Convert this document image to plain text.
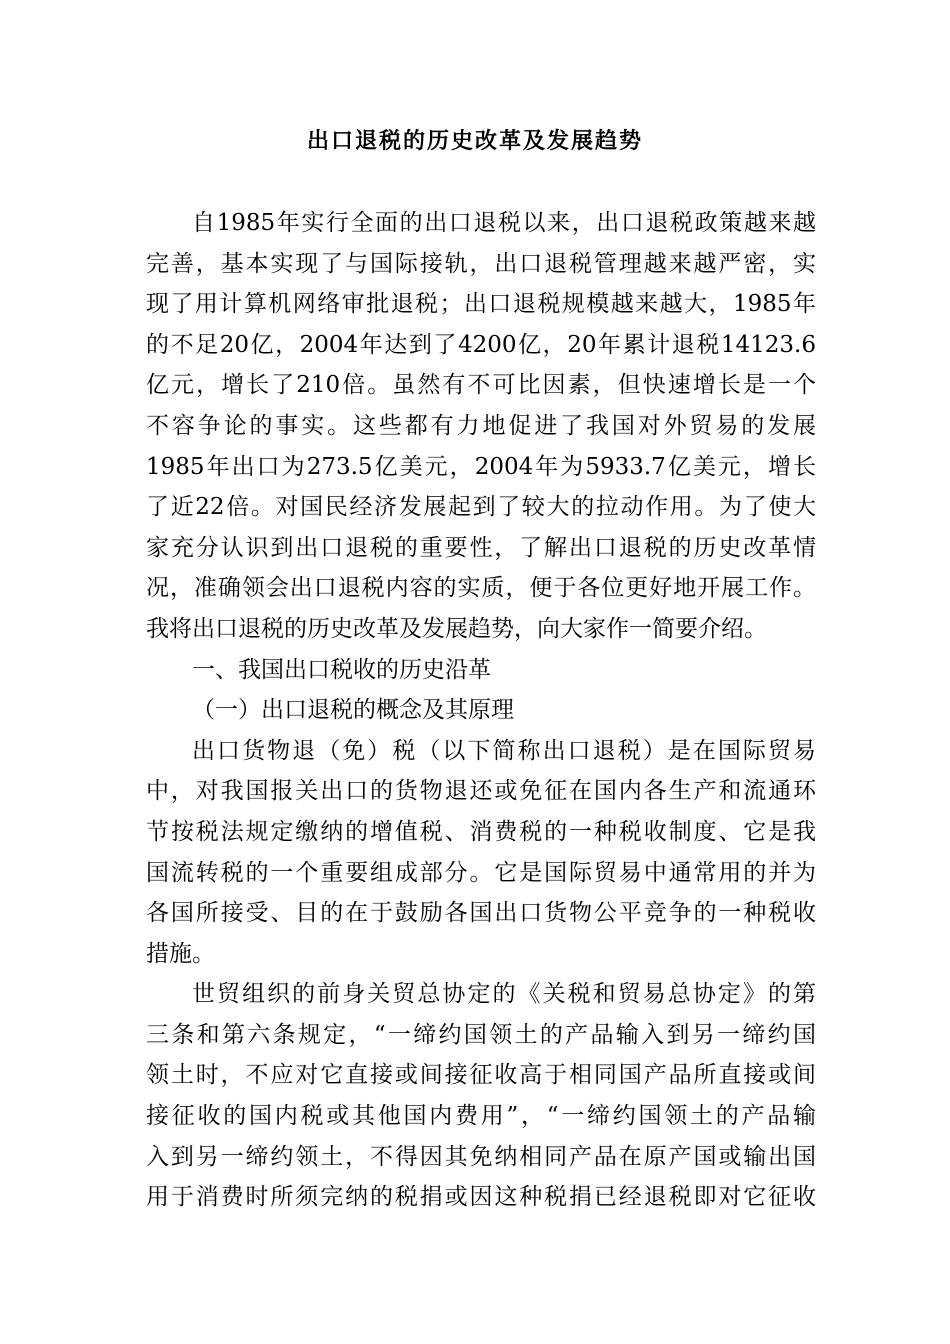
出口退税的历史改革及发展趋势
自1985年实行全面的出口退税以来，出口退税政策越来越
完善，基本实现了与国际接轨，出口退税管理越来越严密，实
现了用计算机网络审批退税；出口退税规模越来越大，1985年
的不足20亿，2004年达到了4200亿，20年累计退税14123.6
亿元，增长了210倍。虽然有不可比因素，但快速增长是一个
不容争论的事实。这些都有力地促进了我国对外贸易的发展
1985年出口为273.5亿美元，2004年为5933.7亿美元，增长
了近22倍。对国民经济发展起到了较大的拉动作用。为了使大
家充分认识到出口退税的重要性，了解出口退税的历史改革情
况，准确领会出口退税内容的实质，便于各位更好地开展工作。
我将出口退税的历史改革及发展趋势，向大家作一简要介绍。
一、我国出口税收的历史沿革
（一）出口退税的概念及其原理
出口货物退（免）税（以下简称出口退税）是在国际贸易
中，对我国报关出口的货物退还或免征在国内各生产和流通环
节按税法规定缴纳的增值税、消费税的一种税收制度、它是我
国流转税的一个重要组成部分。它是国际贸易中通常用的并为
各国所接受、目的在于鼓励各国出口货物公平竞争的一种税收
措施。
世贸组织的前身关贸总协定的《关税和贸易总协定》的第
三条和第六条规定，“一缔约国领土的产品输入到另一缔约国
领土时，不应对它直接或间接征收高于相同国产品所直接或间
接征收的国内税或其他国内费用”，“一缔约国领土的产品输
入到另一缔约领土，不得因其免纳相同产品在原产国或输出国
用于消费时所须完纳的税捐或因这种税捐已经退税即对它征收
